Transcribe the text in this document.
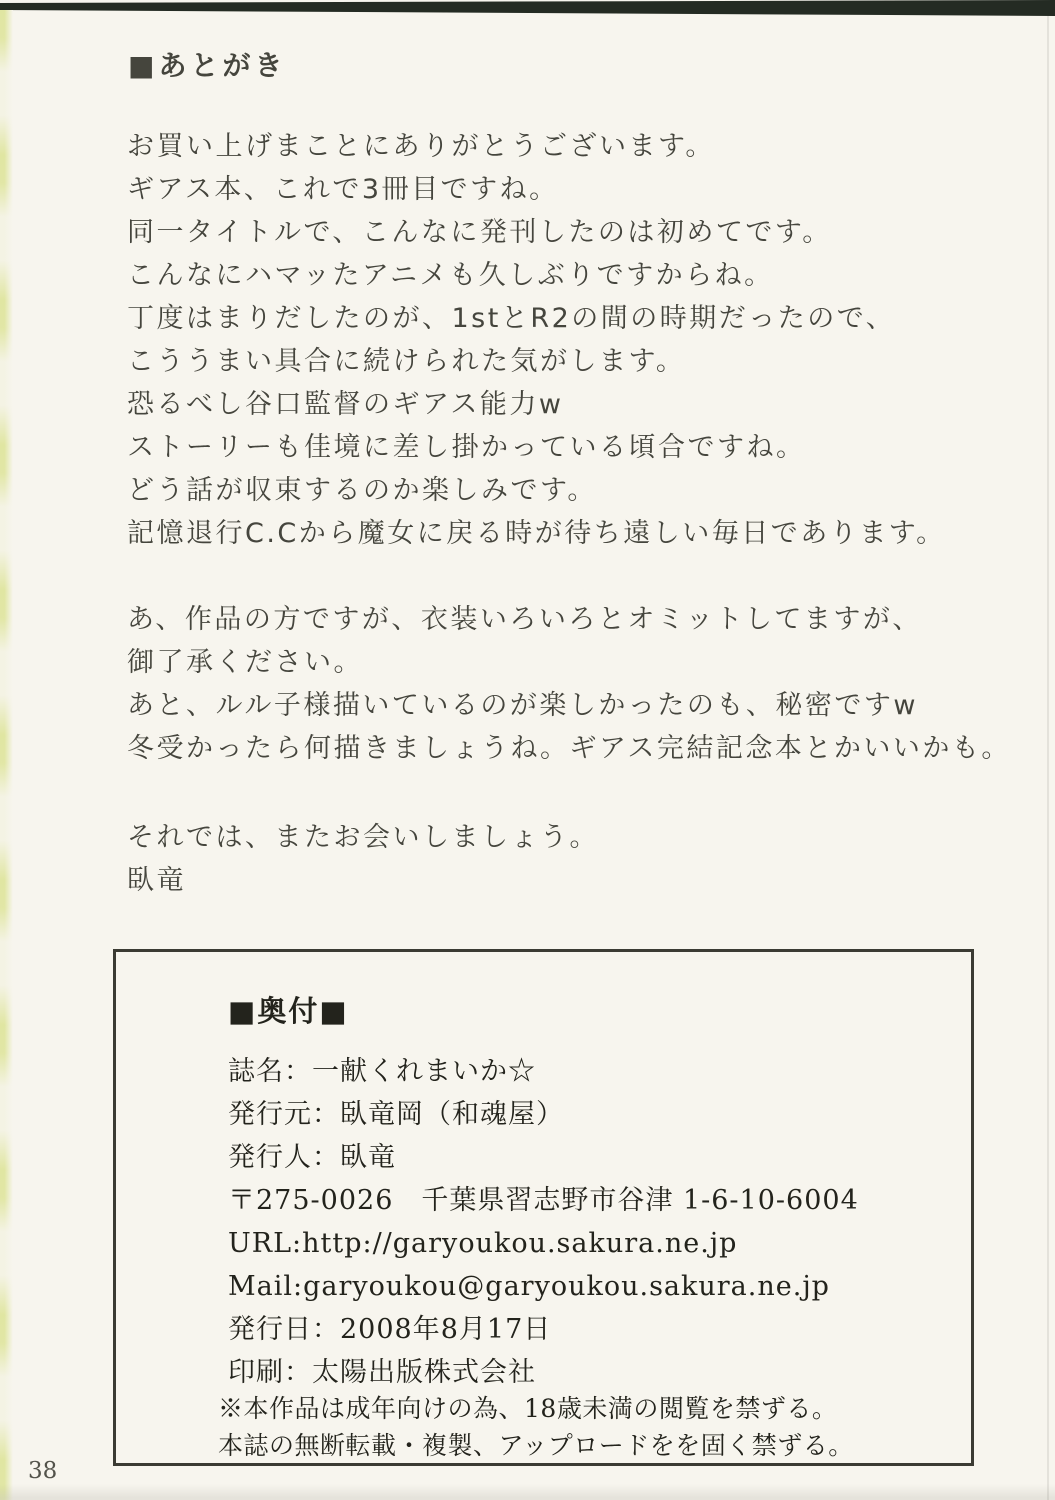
■あとがき
お買い上げまことにありがとうございます。
ギアス本、これで3冊目ですね。
同一タイトルで、こんなに発刊したのは初めてです。
こんなにハマッたアニメも久しぶりですからね。
丁度はまりだしたのが、1stとR2の間の時期だったので、
こううまい具合に続けられた気がします。
恐るべし谷口監督のギアス能力w
ストーリーも佳境に差し掛かっている頃合ですね。
どう話が収束するのか楽しみです。
記憶退行C.Cから魔女に戻る時が待ち遠しい毎日であります。
あ、作品の方ですが、衣装いろいろとオミットしてますが、
御了承ください。
あと、ルル子様描いているのが楽しかったのも、秘密ですw
冬受かったら何描きましょうね。ギアス完結記念本とかいいかも。
それでは、またお会いしましょう。
臥竜
■奥付■
誌名：一献くれまいか☆
発行元：臥竜岡（和魂屋）
発行人：臥竜
〒275-0026　千葉県習志野市谷津 1-6-10-6004
URL:http://garyoukou.sakura.ne.jp
Mail:garyoukou@garyoukou.sakura.ne.jp
発行日：2008年8月17日
印刷：太陽出版株式会社
※本作品は成年向けの為、18歳未満の閲覧を禁ずる。
本誌の無断転載・複製、アップロードをを固く禁ずる。
38
